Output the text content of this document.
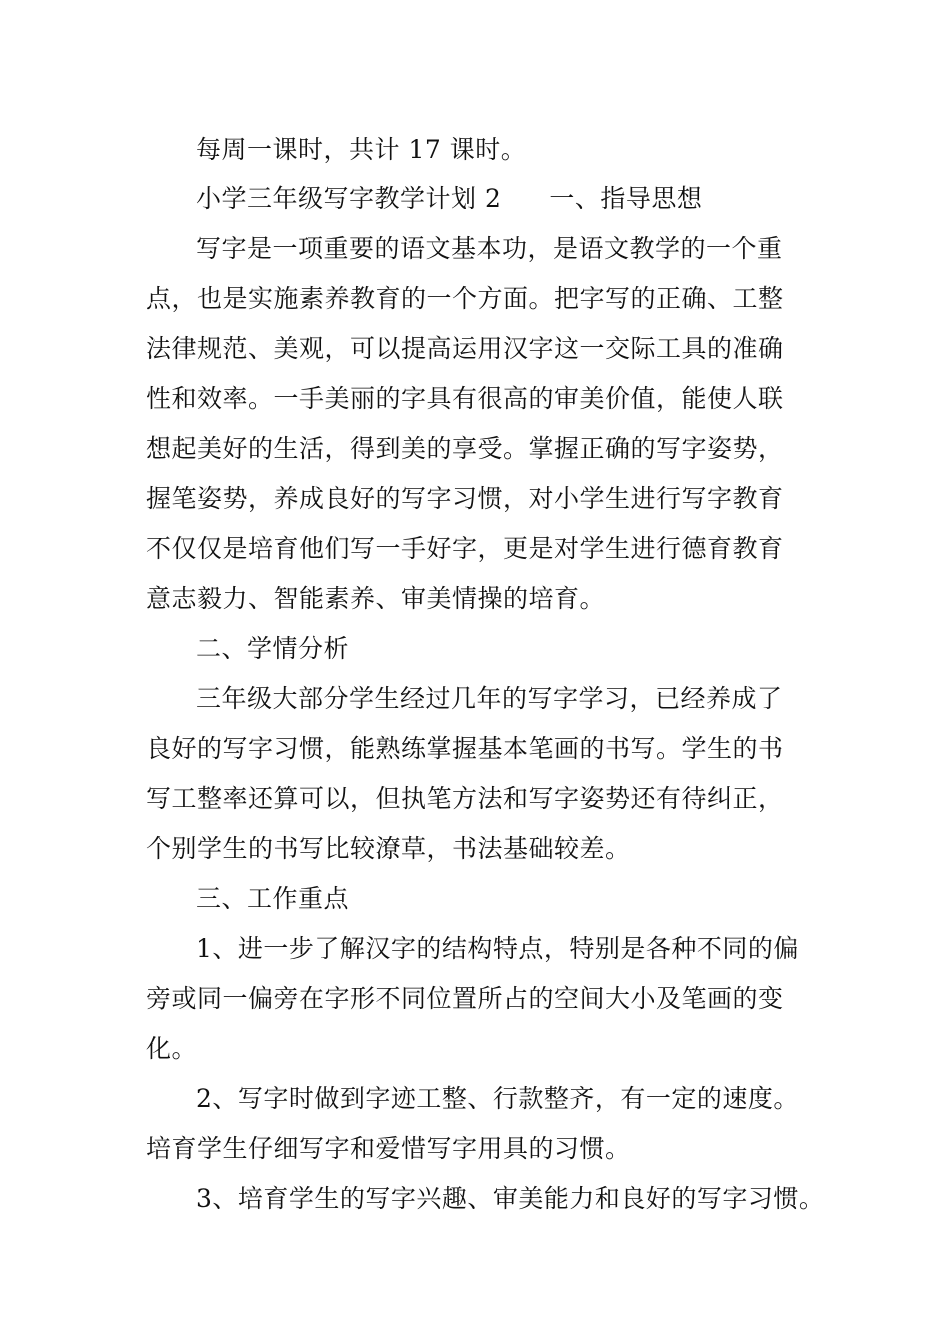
每周一课时，共计 17 课时。
小学三年级写字教学计划 2 一、指导思想
写字是一项重要的语文基本功，是语文教学的一个重
点，也是实施素养教育的一个方面。把字写的正确、工整
法律规范、美观，可以提高运用汉字这一交际工具的准确
性和效率。一手美丽的字具有很高的审美价值，能使人联
想起美好的生活，得到美的享受。掌握正确的写字姿势，
握笔姿势，养成良好的写字习惯，对小学生进行写字教育
不仅仅是培育他们写一手好字，更是对学生进行德育教育
意志毅力、智能素养、审美情操的培育。
二、学情分析
三年级大部分学生经过几年的写字学习，已经养成了
良好的写字习惯，能熟练掌握基本笔画的书写。学生的书
写工整率还算可以，但执笔方法和写字姿势还有待纠正，
个别学生的书写比较潦草，书法基础较差。
三、工作重点
1、进一步了解汉字的结构特点，特别是各种不同的偏
旁或同一偏旁在字形不同位置所占的空间大小及笔画的变
化。
2、写字时做到字迹工整、行款整齐，有一定的速度。
培育学生仔细写字和爱惜写字用具的习惯。
3、培育学生的写字兴趣、审美能力和良好的写字习惯。
